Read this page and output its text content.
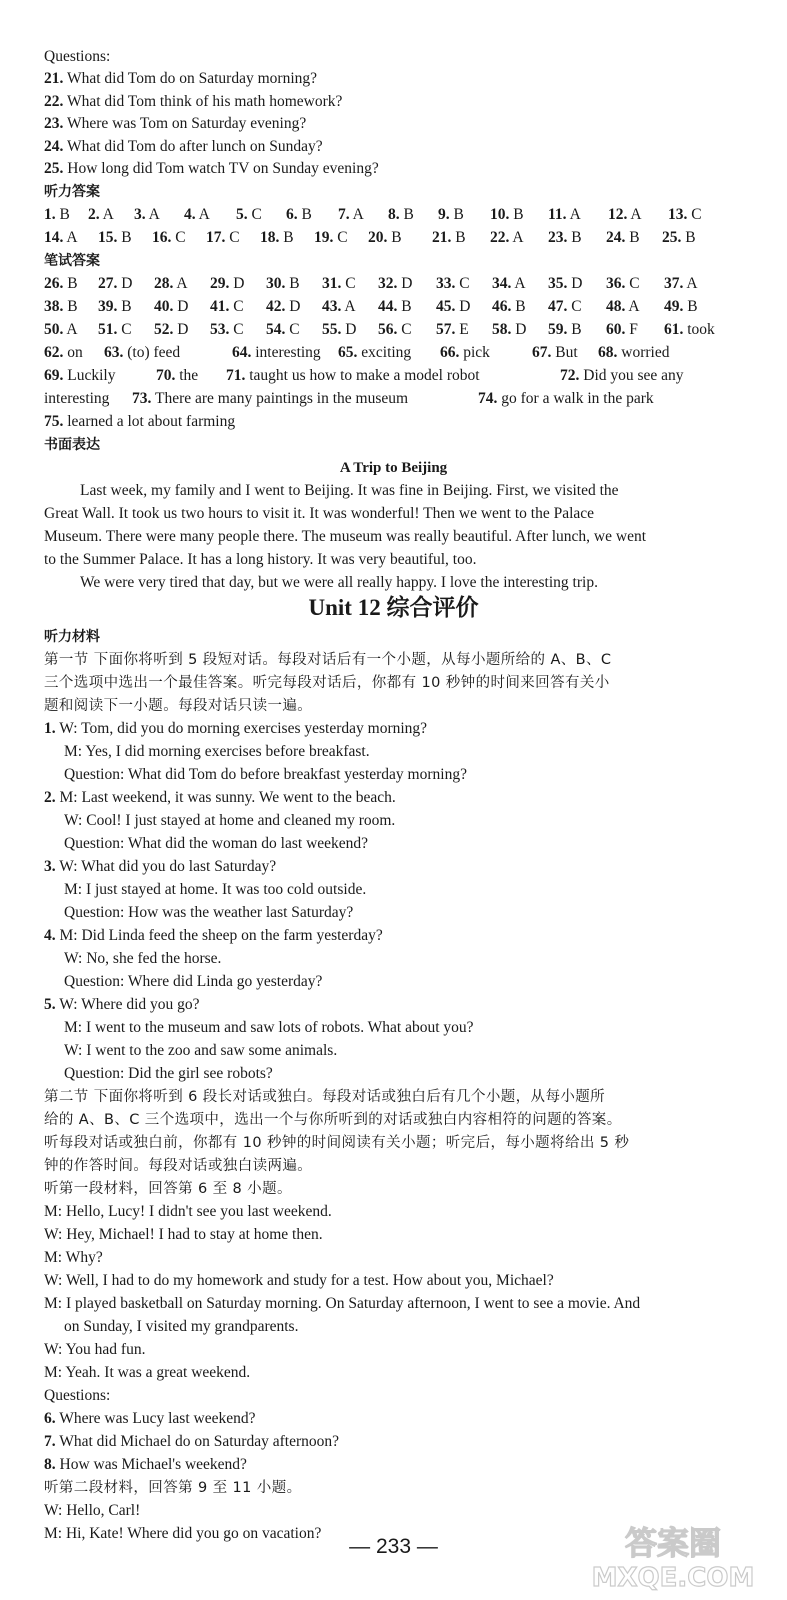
Questions:
21. What did Tom do on Saturday morning?
22. What did Tom think of his math homework?
23. Where was Tom on Saturday evening?
24. What did Tom do after lunch on Sunday?
25. How long did Tom watch TV on Sunday evening?
听力答案
1. B 2. A 3. A 4. A 5. C 6. B 7. A 8. B 9. B 10. B 11. A 12. A 13. C
14. A 15. B 16. C 17. C 18. B 19. C 20. B 21. B 22. A 23. B 24. B 25. B
笔试答案
26. B 27. D 28. A 29. D 30. B 31. C 32. D 33. C 34. A 35. D 36. C 37. A
38. B 39. B 40. D 41. C 42. D 43. A 44. B 45. D 46. B 47. C 48. A 49. B
50. A 51. C 52. D 53. C 54. C 55. D 56. C 57. E 58. D 59. B 60. F 61. took
62. on 63. (to) feed	64. interesting 65. exciting 66. pick	67. But 68. worried
69. Luckily	70. the 71. taught us how to make a model robot	72. Did you see any
interesting 73. There are many paintings in the museum	74. go for a walk in the park
75. learned a lot about farming
书面表达
A Trip to Beijing
Last week, my family and I went to Beijing. It was fine in Beijing. First, we visited the
Great Wall. It took us two hours to visit it. It was wonderful! Then we went to the Palace
Museum. There were many people there. The museum was really beautiful. After lunch, we went
to the Summer Palace. It has a long history. It was very beautiful, too.
We were very tired that day, but we were all really happy. I love the interesting trip.
Unit 12 综合评价
听力材料
第一节 下面你将听到 5 段短对话。每段对话后有一个小题，从每小题所给的 A、B、C
三个选项中选出一个最佳答案。听完每段对话后，你都有 10 秒钟的时间来回答有关小
题和阅读下一小题。每段对话只读一遍。
1. W: Tom, did you do morning exercises yesterday morning?
M: Yes, I did morning exercises before breakfast.
Question: What did Tom do before breakfast yesterday morning?
2. M: Last weekend, it was sunny. We went to the beach.
W: Cool! I just stayed at home and cleaned my room.
Question: What did the woman do last weekend?
3. W: What did you do last Saturday?
M: I just stayed at home. It was too cold outside.
Question: How was the weather last Saturday?
4. M: Did Linda feed the sheep on the farm yesterday?
W: No, she fed the horse.
Question: Where did Linda go yesterday?
5. W: Where did you go?
M: I went to the museum and saw lots of robots. What about you?
W: I went to the zoo and saw some animals.
Question: Did the girl see robots?
第二节 下面你将听到 6 段长对话或独白。每段对话或独白后有几个小题，从每小题所
给的 A、B、C 三个选项中，选出一个与你所听到的对话或独白内容相符的问题的答案。
听每段对话或独白前，你都有 10 秒钟的时间阅读有关小题；听完后，每小题将给出 5 秒
钟的作答时间。每段对话或独白读两遍。
听第一段材料，回答第 6 至 8 小题。
M: Hello, Lucy! I didn't see you last weekend.
W: Hey, Michael! I had to stay at home then.
M: Why?
W: Well, I had to do my homework and study for a test. How about you, Michael?
M: I played basketball on Saturday morning. On Saturday afternoon, I went to see a movie. And
on Sunday, I visited my grandparents.
W: You had fun.
M: Yeah. It was a great weekend.
Questions:
6. Where was Lucy last weekend?
7. What did Michael do on Saturday afternoon?
8. How was Michael's weekend?
听第二段材料，回答第 9 至 11 小题。
W: Hello, Carl!
M: Hi, Kate! Where did you go on vacation?
— 233 —	答案圈
MXQE.COM
